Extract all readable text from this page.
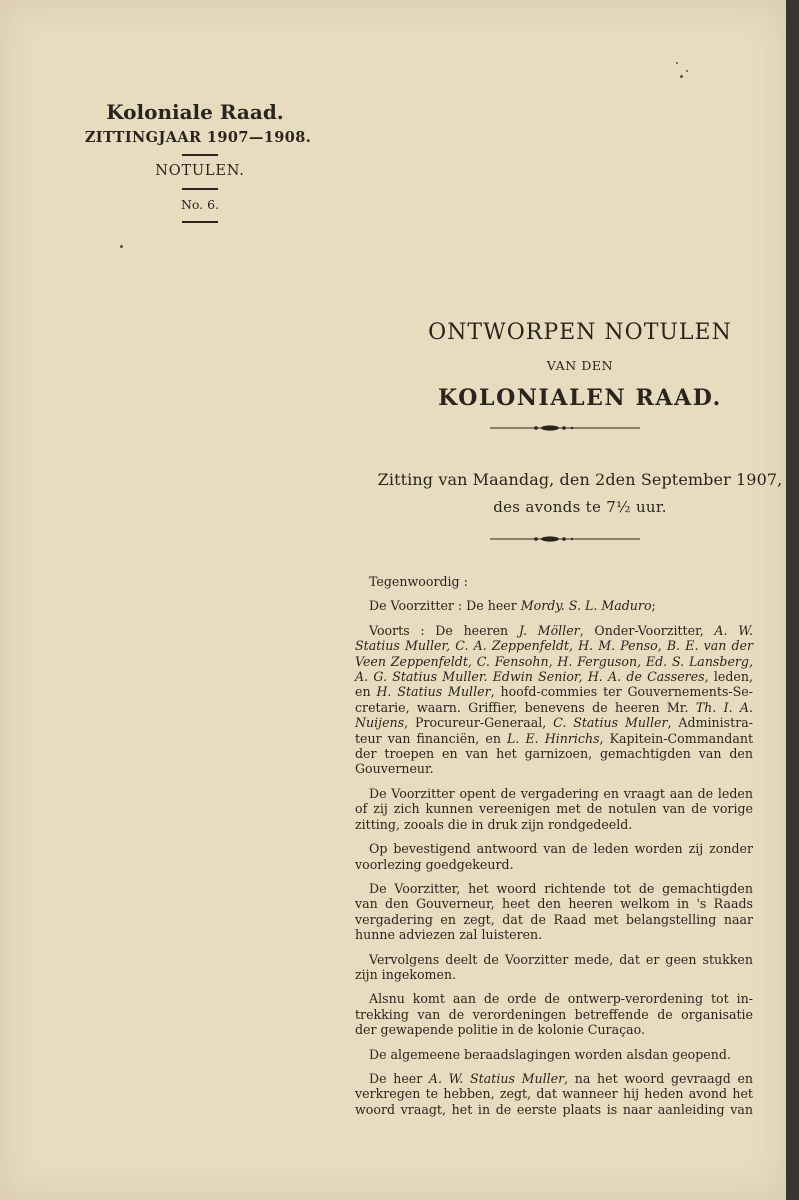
Koloniale Raad.
ZITTINGJAAR 1907—1908.
NOTULEN.
No. 6.
ONTWORPEN NOTULEN
VAN DEN
KOLONIALEN RAAD.
Zitting van Maandag, den 2den September 1907,
des avonds te 7½ uur.

Tegenwoordig :

De Voorzitter : De heer Mordy. S. L. Maduro;

Voorts : De heeren J. Möller, Onder-Voorzitter, A. W.
Statius Muller, C. A. Zeppenfeldt, H. M. Penso, B. E. van der
Veen Zeppenfeldt, C. Fensohn, H. Ferguson, Ed. S. Lansberg,
A. G. Statius Muller. Edwin Senior, H. A. de Casseres, leden,
en H. Statius Muller, hoofd-commies ter Gouvernements-Se-
cretarie, waarn. Griffier, benevens de heeren Mr. Th. I. A.
Nuijens, Procureur-Generaal, C. Statius Muller, Administra-
teur van financiën, en L. E. Hinrichs, Kapitein-Commandant
der troepen en van het garnizoen, gemachtigden van den
Gouverneur.

De Voorzitter opent de vergadering en vraagt aan de leden
of zij zich kunnen vereenigen met de notulen van de vorige
zitting, zooals die in druk zijn rondgedeeld.

Op bevestigend antwoord van de leden worden zij zonder
voorlezing goedgekeurd.

De Voorzitter, het woord richtende tot de gemachtigden
van den Gouverneur, heet den heeren welkom in 's Raads
vergadering en zegt, dat de Raad met belangstelling naar
hunne adviezen zal luisteren.

Vervolgens deelt de Voorzitter mede, dat er geen stukken
zijn ingekomen.

Alsnu komt aan de orde de ontwerp-verordening tot in-
trekking van de verordeningen betreffende de organisatie
der gewapende politie in de kolonie Curaçao.

De algemeene beraadslagingen worden alsdan geopend.

De heer A. W. Statius Muller, na het woord gevraagd en
verkregen te hebben, zegt, dat wanneer hij heden avond het
woord vraagt, het in de eerste plaats is naar aanleiding van
